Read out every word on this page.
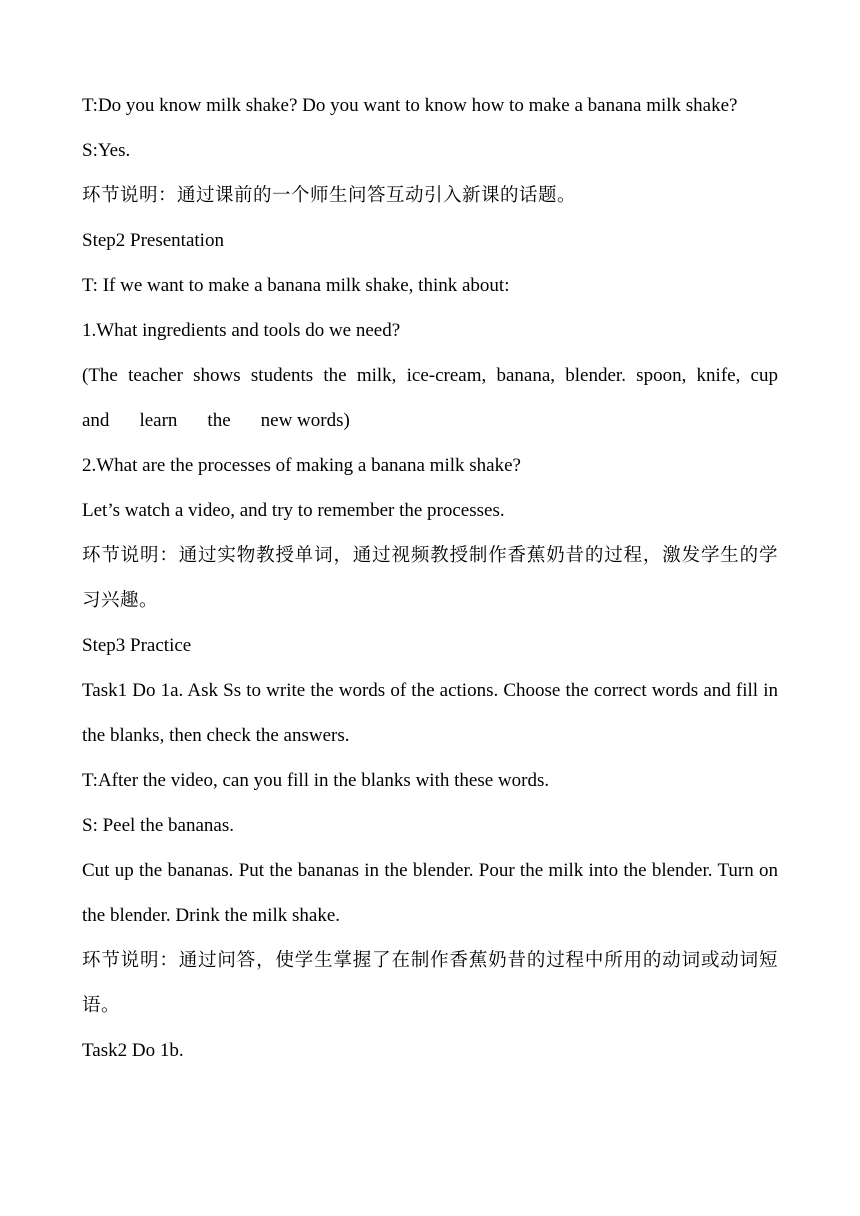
T:Do you know milk shake? Do you want to know how to make a banana milk shake?

S:Yes.

环节说明：通过课前的一个师生问答互动引入新课的话题。

Step2 Presentation

T: If we want to make a banana milk shake, think about:

1.What ingredients and tools do we need?

(The teacher shows students the milk, ice-cream, banana, blender. spoon, knife, cup

and learn the new words)

2.What are the processes of making a banana milk shake?

Let’s watch a video, and try to remember the processes.

环节说明：通过实物教授单词，通过视频教授制作香蕉奶昔的过程，激发学生的学习兴趣。

Step3 Practice

Task1 Do 1a. Ask Ss to write the words of the actions. Choose the correct words and fill in the blanks, then check the answers.

T:After the video, can you fill in the blanks with these words.

S: Peel the bananas.

Cut up the bananas. Put the bananas in the blender. Pour the milk into the blender. Turn on the blender. Drink the milk shake.

环节说明：通过问答，使学生掌握了在制作香蕉奶昔的过程中所用的动词或动词短语。

Task2 Do 1b.
